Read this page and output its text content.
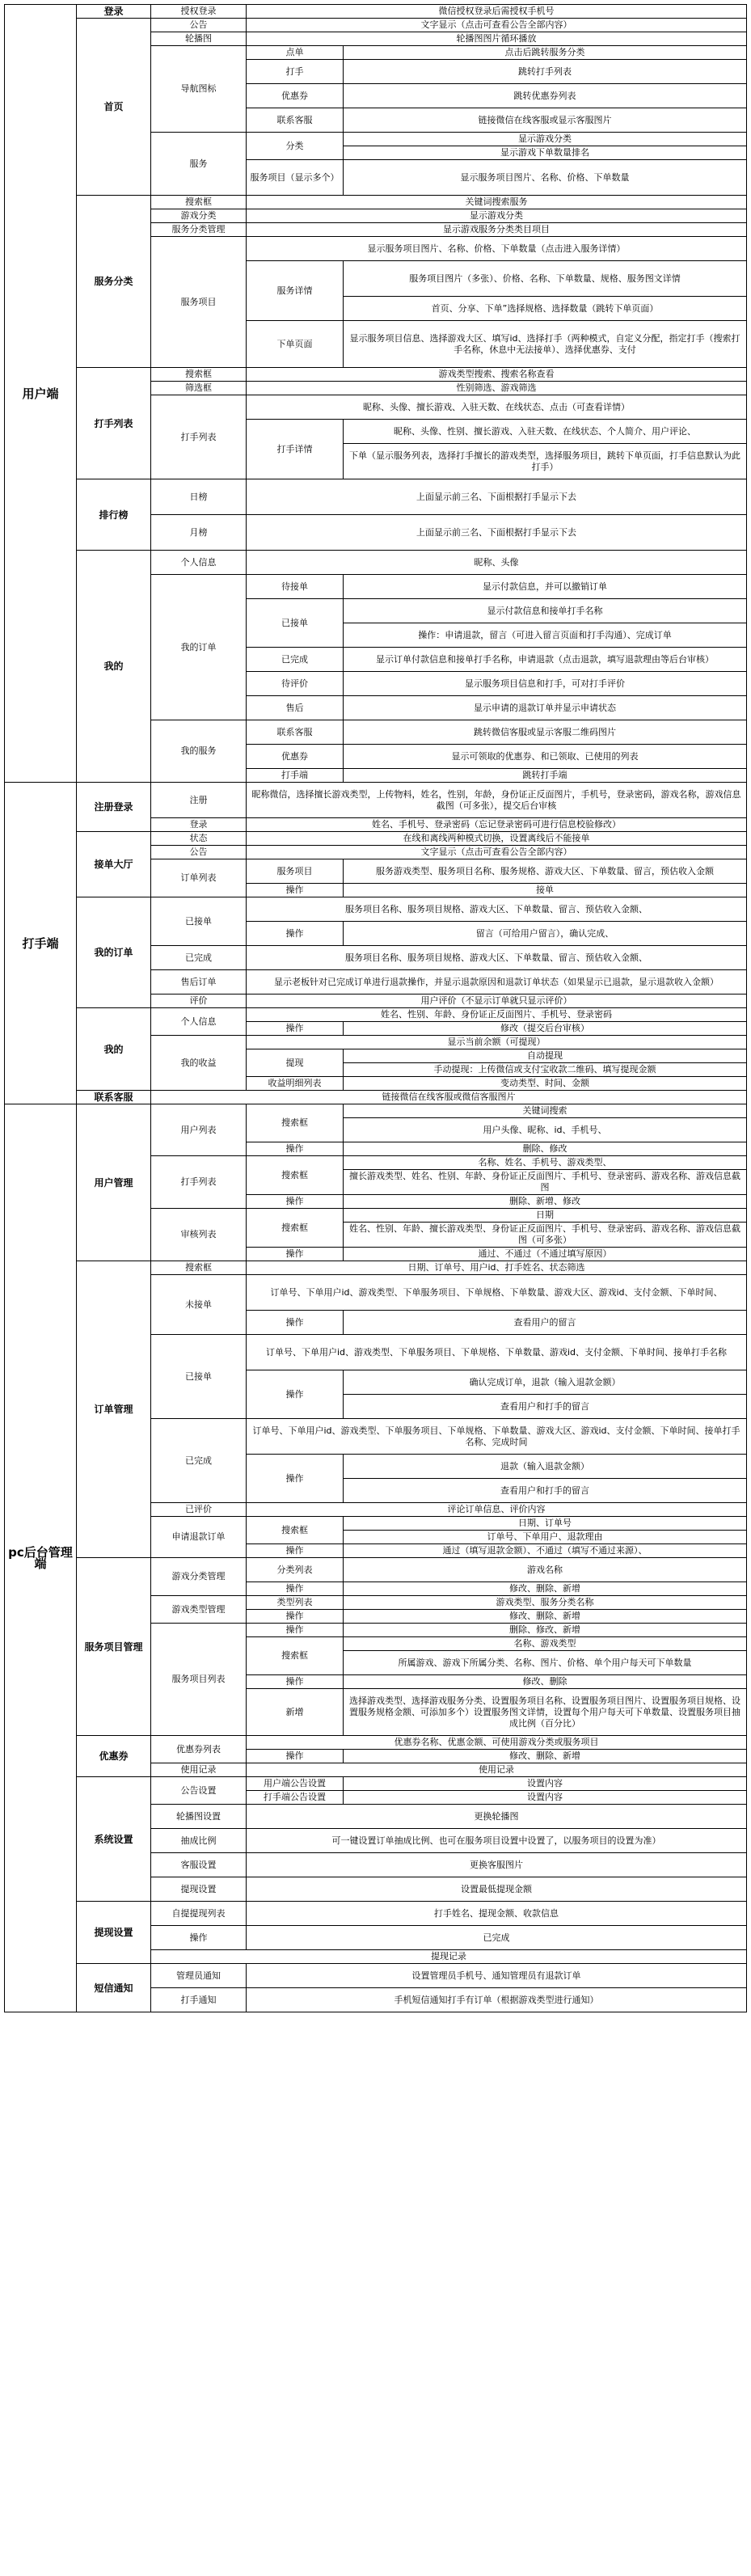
用户端	登录	授权登录	微信授权登录后需授权手机号	
	首页	公告	文字显示（点击可查看公告全部内容）	
		轮播图	轮播图图片循环播放	
		导航图标	点单	点击后跳转服务分类
			打手	跳转打手列表
			优惠券	跳转优惠券列表
			联系客服	链接微信在线客服或显示客服图片
		服务	分类	显示游戏分类
				显示游戏下单数量排名
			服务项目（显示多个）	显示服务项目图片、名称、价格、下单数量
	服务分类	搜索框	关键词搜索服务	
		游戏分类	显示游戏分类	
		服务分类管理	显示游戏服务分类类目项目	
		服务项目	显示服务项目图片、名称、价格、下单数量（点击进入服务详情）	
			服务详情	服务项目图片（多张）、价格、名称、下单数量、规格、服务图文详情
				首页、分享、下单”选择规格、选择数量（跳转下单页面）
			下单页面	显示服务项目信息、选择游戏大区、填写id、选择打手（两种模式，自定义分配，指定打手（搜索打手名称，休息中无法接单）、选择优惠券、支付
	打手列表	搜索框	游戏类型搜索、搜索名称查看	
		筛选框	性别筛选、游戏筛选	
		打手列表	昵称、头像、擅长游戏、入驻天数、在线状态、点击（可查看详情）	
			打手详情	昵称、头像、性别、擅长游戏、入驻天数、在线状态、个人简介、用户评论、
				下单（显示服务列表，选择打手擅长的游戏类型，选择服务项目，跳转下单页面，打手信息默认为此打手）
	排行榜	日榜	上面显示前三名、下面根据打手显示下去	
		月榜	上面显示前三名、下面根据打手显示下去	
	我的	个人信息	昵称、头像	
		我的订单	待接单	显示付款信息，并可以撤销订单
			已接单	显示付款信息和接单打手名称
				操作：申请退款，留言（可进入留言页面和打手沟通）、完成订单
			已完成	显示订单付款信息和接单打手名称，申请退款（点击退款，填写退款理由等后台审核）
			待评价	显示服务项目信息和打手，可对打手评价
			售后	显示申请的退款订单并显示申请状态
		我的服务	联系客服	跳转微信客服或显示客服二维码图片
			优惠券	显示可领取的优惠券、和已领取、已使用的列表
			打手端	跳转打手端
打手端	注册登录	注册	昵称微信，选择擅长游戏类型，上传物料，姓名，性别，年龄，身份证正反面图片，手机号，登录密码，游戏名称，游戏信息截图（可多张），提交后台审核	
		登录	姓名、手机号、登录密码（忘记登录密码可进行信息校验修改）	
	接单大厅	状态	在线和离线两种模式切换，设置离线后不能接单	
		公告	文字显示（点击可查看公告全部内容）	
		订单列表	服务项目	服务游戏类型、服务项目名称、服务规格、游戏大区、下单数量、留言，预估收入金额
			操作	接单
	我的订单	已接单	服务项目名称、服务项目规格、游戏大区、下单数量、留言、预估收入金额、	
			操作	留言（可给用户留言），确认完成、
		已完成	服务项目名称、服务项目规格、游戏大区、下单数量、留言、预估收入金额、	
		售后订单	显示老板针对已完成订单进行退款操作，并显示退款原因和退款订单状态（如果显示已退款，显示退款收入金额）	
		评价	用户评价（不显示订单就只显示评价）	
	我的	个人信息	姓名、性别、年龄、身份证正反面图片、手机号、登录密码	
			操作	修改（提交后台审核）
		我的收益	显示当前余额（可提现）	
			提现	自动提现
				手动提现：上传微信或支付宝收款二维码、填写提现金额
			收益明细列表	变动类型、时间、金额
	联系客服	链接微信在线客服或微信客服图片		
pc后台管理端	用户管理	用户列表	搜索框	关键词搜索
				用户头像、昵称、id、手机号、
			操作	删除、修改
		打手列表	搜索框	名称、姓名、手机号、游戏类型、
				擅长游戏类型、姓名、性别、年龄、身份证正反面图片、手机号、登录密码、游戏名称、游戏信息截图
			操作	删除、新增、修改
		审核列表	搜索框	日期
				姓名、性别、年龄、擅长游戏类型、身份证正反面图片、手机号、登录密码、游戏名称、游戏信息截图（可多张）
			操作	通过、不通过（不通过填写原因）
	订单管理	搜索框	日期、订单号、用户id、打手姓名、状态筛选	
		未接单	订单号、下单用户id、游戏类型、下单服务项目、下单规格、下单数量、游戏大区、游戏id、支付金额、下单时间、	
			操作	查看用户的留言
		已接单	订单号、下单用户id、游戏类型、下单服务项目、下单规格、下单数量、游戏id、支付金额、下单时间、接单打手名称	
			操作	确认完成订单，退款（输入退款金额）
				查看用户和打手的留言
		已完成	订单号、下单用户id、游戏类型、下单服务项目、下单规格、下单数量、游戏大区、游戏id、支付金额、下单时间、接单打手名称、完成时间	
			操作	退款（输入退款金额）
				查看用户和打手的留言
		已评价	评论订单信息、评价内容	
		申请退款订单	搜索框	日期、订单号
				订单号、下单用户、退款理由
			操作	通过（填写退款金额）、不通过（填写不通过来源）、
	服务项目管理	游戏分类管理	分类列表	游戏名称
			操作	修改、删除、新增
		游戏类型管理	类型列表	游戏类型、服务分类名称
			操作	修改、删除、新增
		服务项目列表	操作	删除、修改、新增
			搜索框	名称、游戏类型
				所属游戏、游戏下所属分类、名称、图片、价格、单个用户每天可下单数量
			操作	修改、删除
			新增	选择游戏类型、选择游戏服务分类、设置服务项目名称、设置服务项目图片、设置服务项目规格、设置服务规格金额、可添加多个）设置服务图文详情，设置每个用户每天可下单数量、设置服务项目抽成比例（百分比）
	优惠券	优惠券列表	优惠券名称、优惠金额、可使用游戏分类或服务项目	
			操作	修改、删除、新增
		使用记录	使用记录	
	系统设置	公告设置	用户端公告设置	设置内容
			打手端公告设置	设置内容
		轮播图设置	更换轮播图	
		抽成比例	可一键设置订单抽成比例、也可在服务项目设置中设置了，以服务项目的设置为准）	
		客服设置	更换客服图片	
		提现设置	设置最低提现金额	
	提现设置	自提提现列表	打手姓名、提现金额、收款信息	
		操作	已完成	
		提现记录		
	短信通知	管理员通知	设置管理员手机号、通知管理员有退款订单	
		打手通知	手机短信通知打手有订单（根据游戏类型进行通知）	
